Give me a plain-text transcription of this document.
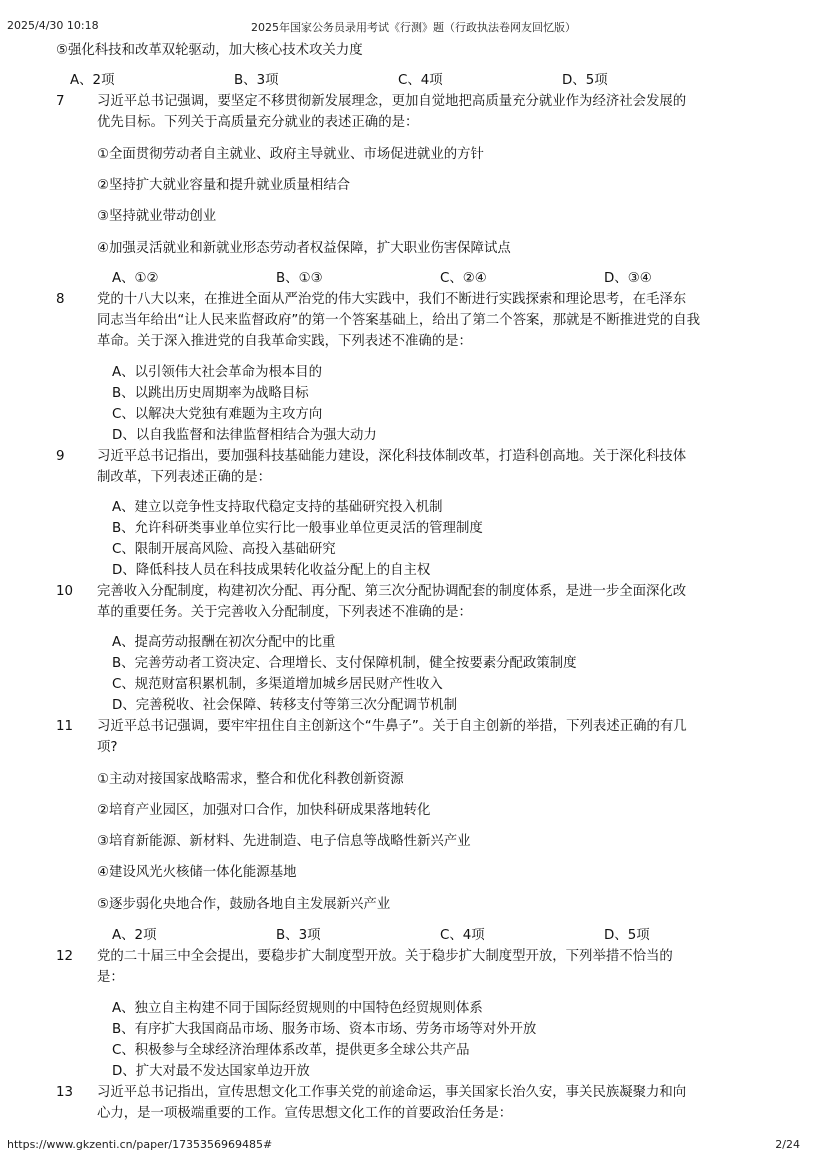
2025/4/30 10:18	2025年国家公务员录用考试《行测》题（行政执法卷网友回忆版）
⑤强化科技和改革双轮驱动，加大核心技术攻关力度
A、2项	B、3项	C、4项	D、5项
7 习近平总书记强调，要坚定不移贯彻新发展理念，更加自觉地把高质量充分就业作为经济社会发展的
优先目标。下列关于高质量充分就业的表述正确的是：
①全面贯彻劳动者自主就业、政府主导就业、市场促进就业的方针
②坚持扩大就业容量和提升就业质量相结合
③坚持就业带动创业
④加强灵活就业和新就业形态劳动者权益保障，扩大职业伤害保障试点
A、①②	B、①③	C、②④	D、③④
8 党的十八大以来，在推进全面从严治党的伟大实践中，我们不断进行实践探索和理论思考，在毛泽东
同志当年给出“让人民来监督政府”的第一个答案基础上，给出了第二个答案，那就是不断推进党的自我
革命。关于深入推进党的自我革命实践，下列表述不准确的是：
A、以引领伟大社会革命为根本目的
B、以跳出历史周期率为战略目标
C、以解决大党独有难题为主攻方向
D、以自我监督和法律监督相结合为强大动力
9 习近平总书记指出，要加强科技基础能力建设，深化科技体制改革，打造科创高地。关于深化科技体
制改革，下列表述正确的是：
A、建立以竞争性支持取代稳定支持的基础研究投入机制
B、允许科研类事业单位实行比一般事业单位更灵活的管理制度
C、限制开展高风险、高投入基础研究
D、降低科技人员在科技成果转化收益分配上的自主权
10 完善收入分配制度，构建初次分配、再分配、第三次分配协调配套的制度体系，是进一步全面深化改
革的重要任务。关于完善收入分配制度，下列表述不准确的是：
A、提高劳动报酬在初次分配中的比重
B、完善劳动者工资决定、合理增长、支付保障机制，健全按要素分配政策制度
C、规范财富积累机制，多渠道增加城乡居民财产性收入
D、完善税收、社会保障、转移支付等第三次分配调节机制
11 习近平总书记强调，要牢牢扭住自主创新这个“牛鼻子”。关于自主创新的举措，下列表述正确的有几
项?
①主动对接国家战略需求，整合和优化科教创新资源
②培育产业园区，加强对口合作，加快科研成果落地转化
③培育新能源、新材料、先进制造、电子信息等战略性新兴产业
④建设风光火核储一体化能源基地
⑤逐步弱化央地合作，鼓励各地自主发展新兴产业
A、2项	B、3项	C、4项	D、5项
12 党的二十届三中全会提出，要稳步扩大制度型开放。关于稳步扩大制度型开放，下列举措不恰当的
是：
A、独立自主构建不同于国际经贸规则的中国特色经贸规则体系
B、有序扩大我国商品市场、服务市场、资本市场、劳务市场等对外开放
C、积极参与全球经济治理体系改革，提供更多全球公共产品
D、扩大对最不发达国家单边开放
13 习近平总书记指出，宣传思想文化工作事关党的前途命运，事关国家长治久安，事关民族凝聚力和向
心力，是一项极端重要的工作。宣传思想文化工作的首要政治任务是：
https://www.gkzenti.cn/paper/1735356969485#	2/24
